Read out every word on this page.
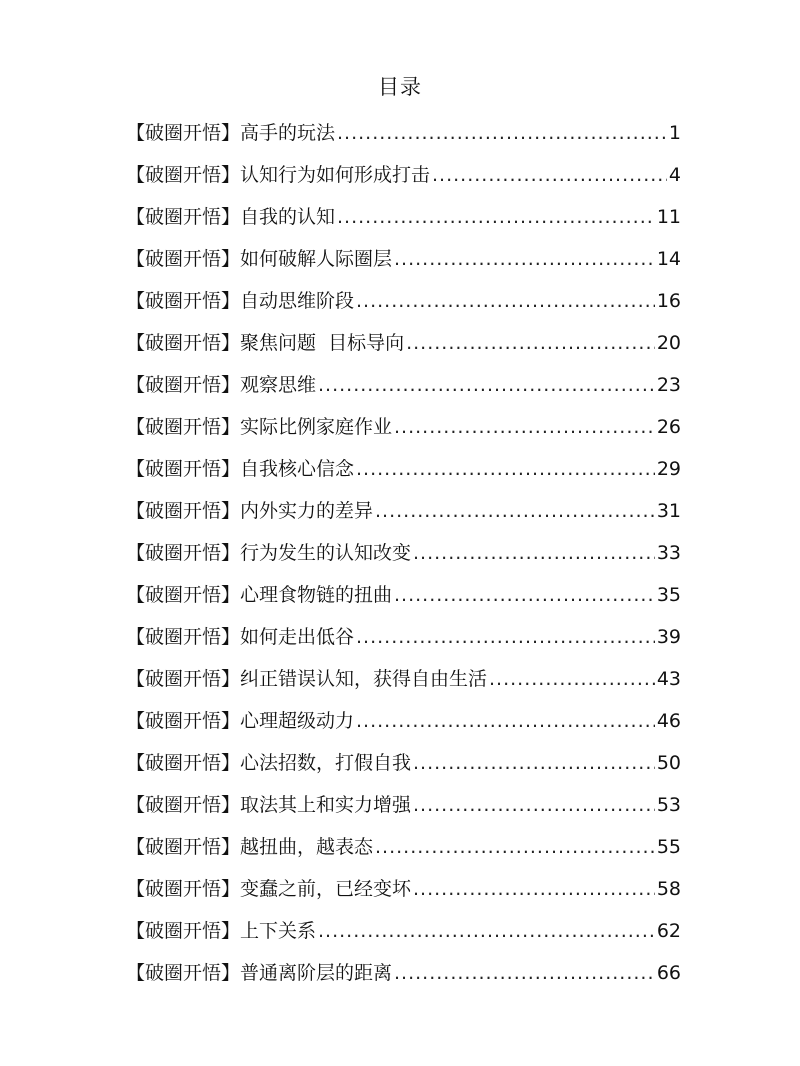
目录
【破圈开悟】高手的玩法 .....	1
【破圈开悟】认知行为如何形成打击 .....	4
【破圈开悟】自我的认知 .....	11
【破圈开悟】如何破解人际圈层 .....	14
【破圈开悟】自动思维阶段 .....	16
【破圈开悟】聚焦问题  目标导向 .....	20
【破圈开悟】观察思维 .....	23
【破圈开悟】实际比例家庭作业 .....	26
【破圈开悟】自我核心信念 .....	29
【破圈开悟】内外实力的差异 .....	31
【破圈开悟】行为发生的认知改变 .....	33
【破圈开悟】心理食物链的扭曲 .....	35
【破圈开悟】如何走出低谷 .....	39
【破圈开悟】纠正错误认知，获得自由生活 .....	43
【破圈开悟】心理超级动力 .....	46
【破圈开悟】心法招数，打假自我 .....	50
【破圈开悟】取法其上和实力增强 .....	53
【破圈开悟】越扭曲，越表态 .....	55
【破圈开悟】变蠢之前，已经变坏 .....	58
【破圈开悟】上下关系 .....	62
【破圈开悟】普通离阶层的距离 .....	66
